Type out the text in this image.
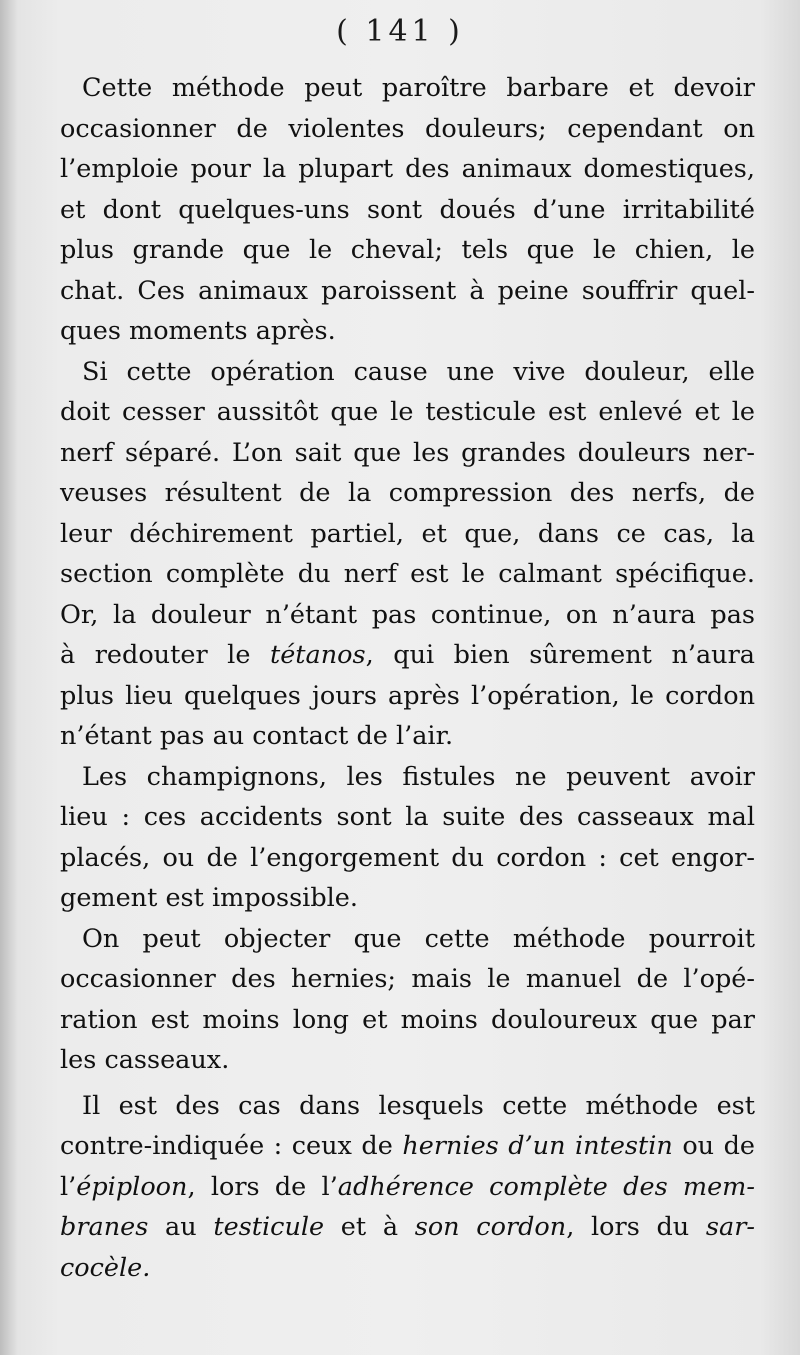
( 141 )
Cette méthode peut paroître barbare et devoir
occasionner de violentes douleurs; cependant on
l’emploie pour la plupart des animaux domestiques,
et dont quelques-uns sont doués d’une irritabilité
plus grande que le cheval; tels que le chien, le
chat. Ces animaux paroissent à peine souffrir quel-
ques moments après.
Si cette opération cause une vive douleur, elle
doit cesser aussitôt que le testicule est enlevé et le
nerf séparé. L’on sait que les grandes douleurs ner-
veuses résultent de la compression des nerfs, de
leur déchirement partiel, et que, dans ce cas, la
section complète du nerf est le calmant spécifique.
Or, la douleur n’étant pas continue, on n’aura pas
à redouter le tétanos, qui bien sûrement n’aura
plus lieu quelques jours après l’opération, le cordon
n’étant pas au contact de l’air.
Les champignons, les fistules ne peuvent avoir
lieu : ces accidents sont la suite des casseaux mal
placés, ou de l’engorgement du cordon : cet engor-
gement est impossible.
On peut objecter que cette méthode pourroit
occasionner des hernies; mais le manuel de l’opé-
ration est moins long et moins douloureux que par
les casseaux.
Il est des cas dans lesquels cette méthode est
contre-indiquée : ceux de hernies d’un intestin ou de
l’épiploon, lors de l’adhérence complète des mem-
branes au testicule et à son cordon, lors du sar-
cocèle.
